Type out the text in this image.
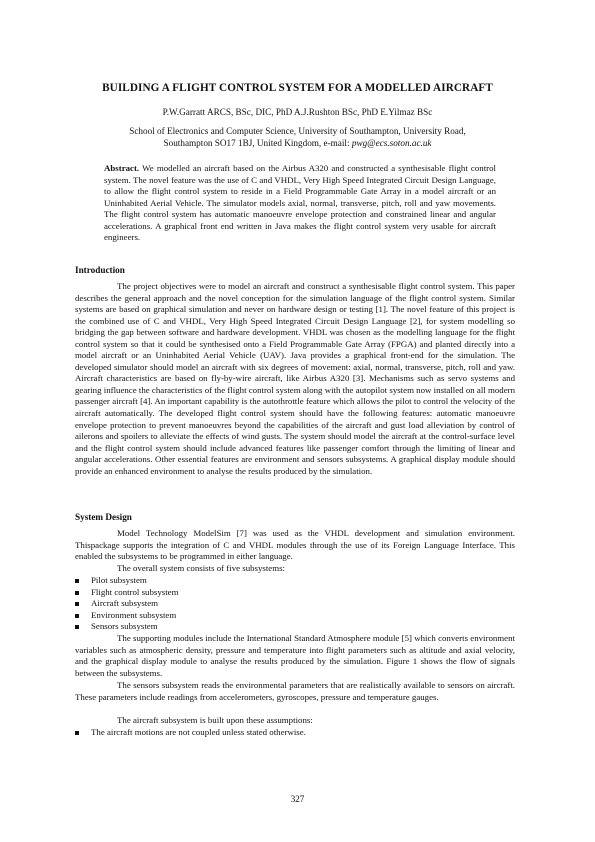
BUILDING A FLIGHT CONTROL SYSTEM FOR A MODELLED AIRCRAFT

P.W.Garratt ARCS, BSc, DIC, PhD A.J.Rushton BSc, PhD E.Yilmaz BSc

School of Electronics and Computer Science, University of Southampton, University Road,
Southampton SO17 1BJ, United Kingdom, e-mail: pwg@ecs.soton.ac.uk

Abstract. We modelled an aircraft based on the Airbus A320 and constructed a synthesisable flight control system. The novel feature was the use of C and VHDL, Very High Speed Integrated Circuit Design Language, to allow the flight control system to reside in a Field Programmable Gate Array in a model aircraft or an Uninhabited Aerial Vehicle. The simulator models axial, normal, transverse, pitch, roll and yaw movements. The flight control system has automatic manoeuvre envelope protection and constrained linear and angular accelerations. A graphical front end written in Java makes the flight control system very usable for aircraft engineers.

Introduction

The project objectives were to model an aircraft and construct a synthesisable flight control system. This paper describes the general approach and the novel conception for the simulation language of the flight control system. Similar systems are based on graphical simulation and never on hardware design or testing [1]. The novel feature of this project is the combined use of C and VHDL, Very High Speed Integrated Circuit Design Language [2], for system modelling so bridging the gap between software and hardware development. VHDL was chosen as the modelling language for the flight control system so that it could be synthesised onto a Field Programmable Gate Array (FPGA) and planted directly into a model aircraft or an Uninhabited Aerial Vehicle (UAV). Java provides a graphical front-end for the simulation. The developed simulator should model an aircraft with six degrees of movement: axial, normal, transverse, pitch, roll and yaw. Aircraft characteristics are based on fly-by-wire aircraft, like Airbus A320 [3]. Mechanisms such as servo systems and gearing influence the characteristics of the flight control system along with the autopilot system now installed on all modern passenger aircraft [4]. An important capability is the autothrottle feature which allows the pilot to control the velocity of the aircraft automatically. The developed flight control system should have the following features: automatic manoeuvre envelope protection to prevent manoeuvres beyond the capabilities of the aircraft and gust load alleviation by control of ailerons and spoilers to alleviate the effects of wind gusts. The system should model the aircraft at the control-surface level and the flight control system should include advanced features like passenger comfort through the limiting of linear and angular accelerations. Other essential features are environment and sensors subsystems. A graphical display module should provide an enhanced environment to analyse the results produced by the simulation.

System Design

Model Technology ModelSim [7] was used as the VHDL development and simulation environment. Thispackage supports the integration of C and VHDL modules through the use of its Foreign Language Interface. This enabled the subsystems to be programmed in either language.

The overall system consists of five subsystems:

Pilot subsystem
Flight control subsystem
Aircraft subsystem
Environment subsystem
Sensors subsystem

The supporting modules include the International Standard Atmosphere module [5] which converts environment variables such as atmospheric density, pressure and temperature into flight parameters such as altitude and axial velocity, and the graphical display module to analyse the results produced by the simulation. Figure 1 shows the flow of signals between the subsystems.

The sensors subsystem reads the environmental parameters that are realistically available to sensors on aircraft. These parameters include readings from accelerometers, gyroscopes, pressure and temperature gauges.

The aircraft subsystem is built upon these assumptions:

The aircraft motions are not coupled unless stated otherwise.

327
